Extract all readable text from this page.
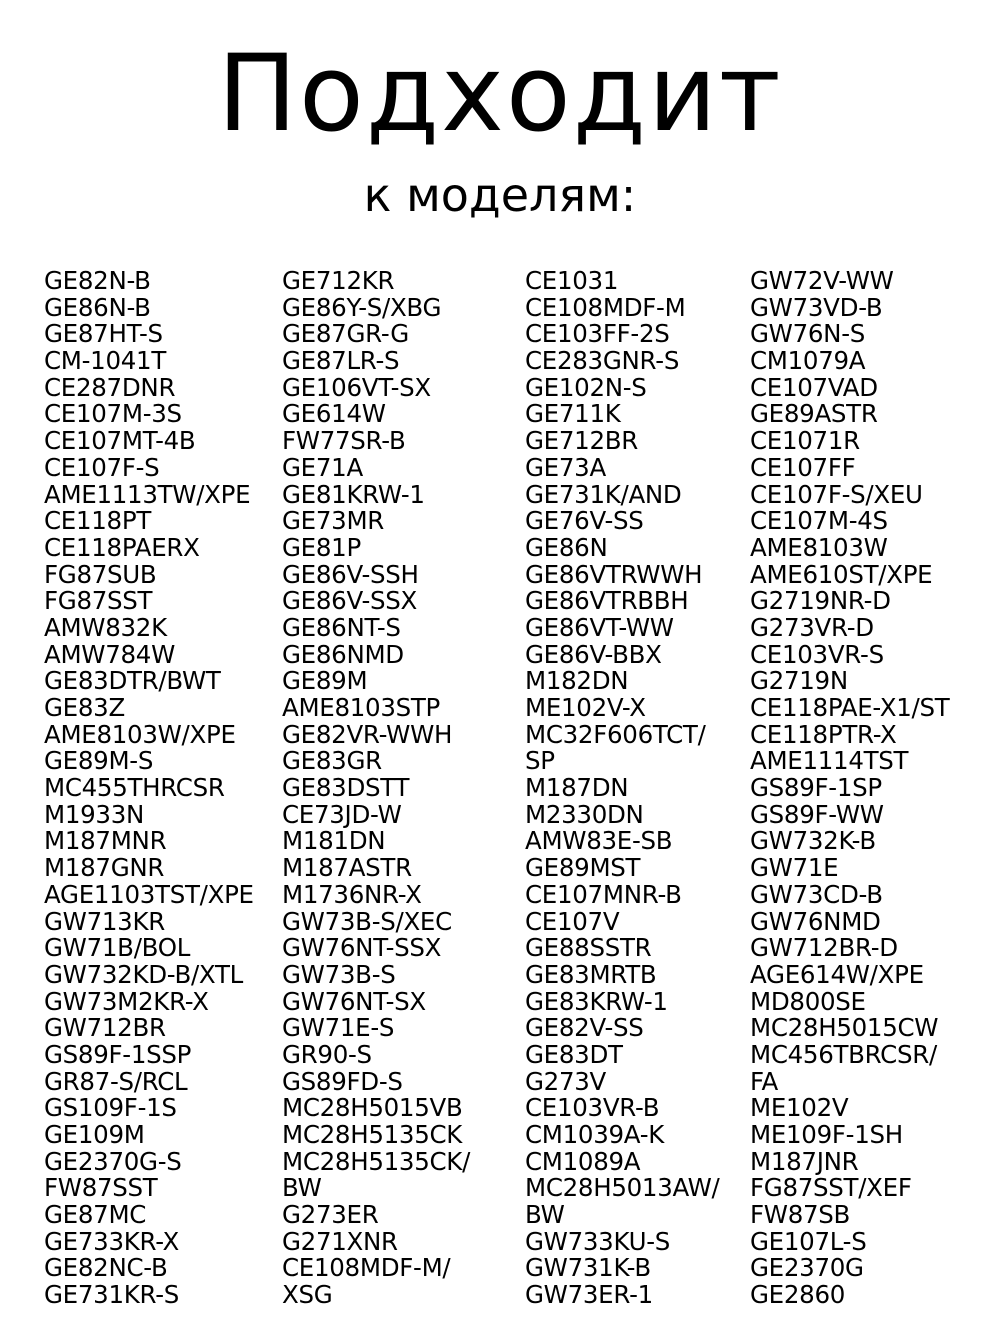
Подходит
к моделям:
GE82N-B
GE86N-B
GE87HT-S
CM-1041T
CE287DNR
CE107M-3S
CE107MT-4B
CE107F-S
AME1113TW/XPE
CE118PT
CE118PAERX
FG87SUB
FG87SST
AMW832K
AMW784W
GE83DTR/BWT
GE83Z
AME8103W/XPE
GE89M-S
MC455THRCSR
M1933N
M187MNR
M187GNR
AGE1103TST/XPE
GW713KR
GW71B/BOL
GW732KD-B/XTL
GW73M2KR-X
GW712BR
GS89F-1SSP
GR87-S/RCL
GS109F-1S
GE109M
GE2370G-S
FW87SST
GE87MC
GE733KR-X
GE82NC-B
GE731KR-S
GE712KR
GE86Y-S/XBG
GE87GR-G
GE87LR-S
GE106VT-SX
GE614W
FW77SR-B
GE71A
GE81KRW-1
GE73MR
GE81P
GE86V-SSH
GE86V-SSX
GE86NT-S
GE86NMD
GE89M
AME8103STP
GE82VR-WWH
GE83GR
GE83DSTT
CE73JD-W
M181DN
M187ASTR
M1736NR-X
GW73B-S/XEC
GW76NT-SSX
GW73B-S
GW76NT-SX
GW71E-S
GR90-S
GS89FD-S
MC28H5015VB
MC28H5135CK
MC28H5135CK/
BW
G273ER
G271XNR
CE108MDF-M/
XSG
CE1031
CE108MDF-M
CE103FF-2S
CE283GNR-S
GE102N-S
GE711K
GE712BR
GE73A
GE731K/AND
GE76V-SS
GE86N
GE86VTRWWH
GE86VTRBBH
GE86VT-WW
GE86V-BBX
M182DN
ME102V-X
MC32F606TCT/
SP
M187DN
M2330DN
AMW83E-SB
GE89MST
CE107MNR-B
CE107V
GE88SSTR
GE83MRTB
GE83KRW-1
GE82V-SS
GE83DT
G273V
CE103VR-B
CM1039A-K
CM1089A
MC28H5013AW/
BW
GW733KU-S
GW731K-B
GW73ER-1
GW72V-WW
GW73VD-B
GW76N-S
CM1079A
CE107VAD
GE89ASTR
CE1071R
CE107FF
CE107F-S/XEU
CE107M-4S
AME8103W
AME610ST/XPE
G2719NR-D
G273VR-D
CE103VR-S
G2719N
CE118PAE-X1/ST
CE118PTR-X
AME1114TST
GS89F-1SP
GS89F-WW
GW732K-B
GW71E
GW73CD-B
GW76NMD
GW712BR-D
AGE614W/XPE
MD800SE
MC28H5015CW
MC456TBRCSR/
FA
ME102V
ME109F-1SH
M187JNR
FG87SST/XEF
FW87SB
GE107L-S
GE2370G
GE2860
